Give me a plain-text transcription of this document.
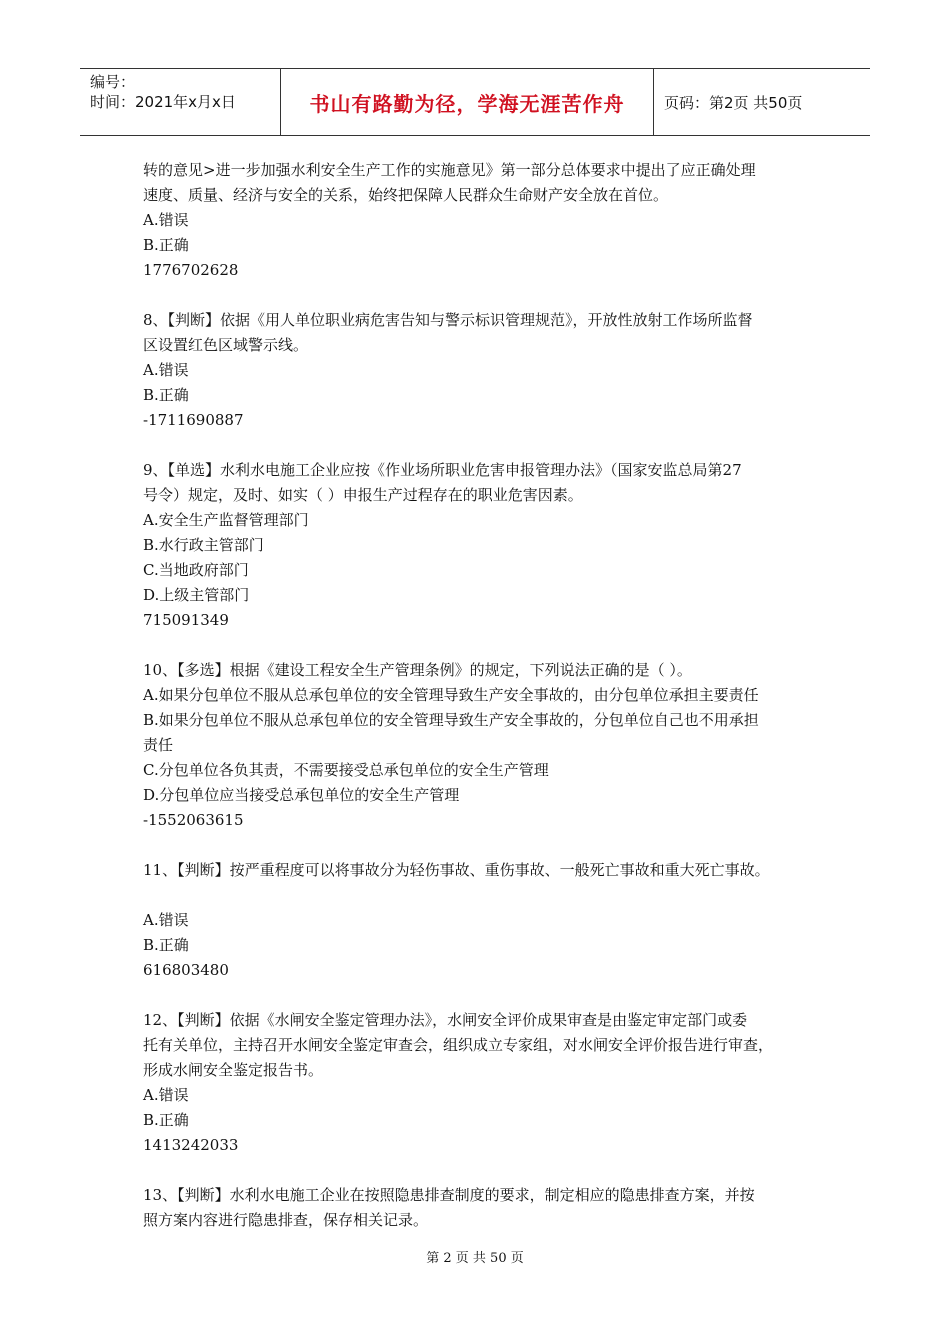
编号：
时间：2021年x月x日	书山有路勤为径，学海无涯苦作舟	页码：第2页 共50页
转的意见>进一步加强水利安全生产工作的实施意见》第一部分总体要求中提出了应正确处理
速度、质量、经济与安全的关系，始终把保障人民群众生命财产安全放在首位。
A.错误
B.正确
1776702628
8、【判断】依据《用人单位职业病危害告知与警示标识管理规范》，开放性放射工作场所监督
区设置红色区域警示线。
A.错误
B.正确
-1711690887
9、【单选】水利水电施工企业应按《作业场所职业危害申报管理办法》（国家安监总局第27
号令）规定，及时、如实（ ）申报生产过程存在的职业危害因素。
A.安全生产监督管理部门
B.水行政主管部门
C.当地政府部门
D.上级主管部门
715091349
10、【多选】根据《建设工程安全生产管理条例》的规定，下列说法正确的是（ ）。
A.如果分包单位不服从总承包单位的安全管理导致生产安全事故的，由分包单位承担主要责任
B.如果分包单位不服从总承包单位的安全管理导致生产安全事故的，分包单位自己也不用承担
责任
C.分包单位各负其责，不需要接受总承包单位的安全生产管理
D.分包单位应当接受总承包单位的安全生产管理
-1552063615
11、【判断】按严重程度可以将事故分为轻伤事故、重伤事故、一般死亡事故和重大死亡事故。
A.错误
B.正确
616803480
12、【判断】依据《水闸安全鉴定管理办法》，水闸安全评价成果审查是由鉴定审定部门或委
托有关单位，主持召开水闸安全鉴定审查会，组织成立专家组，对水闸安全评价报告进行审查，
形成水闸安全鉴定报告书。
A.错误
B.正确
1413242033
13、【判断】水利水电施工企业在按照隐患排查制度的要求，制定相应的隐患排查方案，并按
照方案内容进行隐患排查，保存相关记录。
第 2 页 共 50 页
